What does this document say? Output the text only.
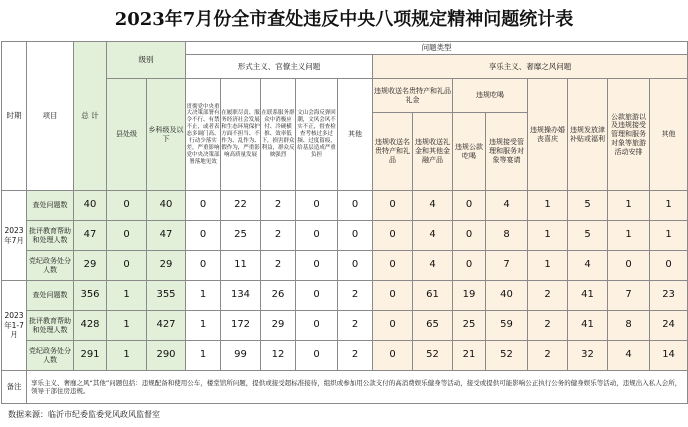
2023年7月份全市查处违反中央八项规定精神问题统计表
时期	项目	总 计	级别		问题类型												
					形式主义、官僚主义问题					享乐主义、奢靡之风问题							
			县处级	乡科级及以下	贯彻党中央重大决策部署有令不行、有禁不止，或者表态多调门高、行动少落实差，严重影响党中央决策部署落地见效	在履职尽责、服务经济社会发展和生态环境保护方面不担当、不作为、乱作为、假作为，严重影响高质量发展	在联系服务群众中消极应付、冷硬横推、效率低下，损害群众利益，群众反映强烈	文山会海反弹回潮，文风会风不实不正，督查检查考核过多过频、过度留痕，给基层造成严重负担	其他	违规收送名贵特产和礼品礼金		违规吃喝		违规操办婚丧喜庆	违规发放津补贴或福利	公款旅游以及违规接受管理和服务对象等旅游活动安排	其他
										违规收送名贵特产和礼品	违规收送礼金和其他金融产品	违规公款吃喝	违规接受管理和服务对象等宴请				
2023年7月	查处问题数	40	0	40	0	22	2	0	0	0	4	0	4	1	5	1	1
	批评教育帮助和处理人数	47	0	47	0	25	2	0	0	0	4	0	8	1	5	1	1
	党纪政务处分人数	29	0	29	0	11	2	0	0	0	4	0	7	1	4	0	0
2023年1-7月	查处问题数	356	1	355	1	134	26	0	2	0	61	19	40	2	41	7	23
	批评教育帮助和处理人数	428	1	427	1	172	29	0	2	0	65	25	59	2	41	8	24
	党纪政务处分人数	291	1	290	1	99	12	0	2	0	52	21	52	2	32	4	14
备注	享乐主义、奢靡之风“其他”问题包括：违规配备和使用公车，楼堂馆所问题，提供或接受超标准接待，组织或参加用公款支付的高消费娱乐健身等活动，接受或提供可能影响公正执行公务的健身娱乐等活动，违规出入私人会所，领导干部住房违规。																
数据来源：临沂市纪委监委党风政风监督室
